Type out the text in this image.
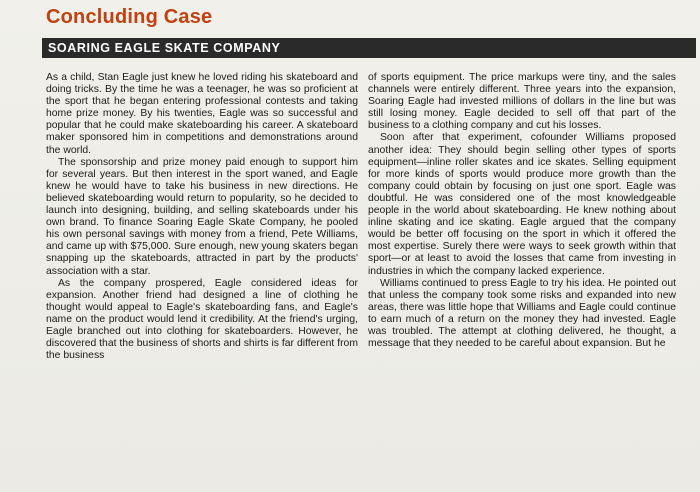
Concluding Case
SOARING EAGLE SKATE COMPANY

As a child, Stan Eagle just knew he loved riding his skateboard and doing tricks. By the time he was a teenager, he was so proficient at the sport that he began entering professional contests and taking home prize money. By his twenties, Eagle was so successful and popular that he could make skateboarding his career. A skateboard maker sponsored him in competitions and demonstrations around the world.

The sponsorship and prize money paid enough to support him for several years. But then interest in the sport waned, and Eagle knew he would have to take his business in new directions. He believed skateboarding would return to popularity, so he decided to launch into designing, building, and selling skateboards under his own brand. To finance Soaring Eagle Skate Company, he pooled his own personal savings with money from a friend, Pete Williams, and came up with $75,000. Sure enough, new young skaters began snapping up the skateboards, attracted in part by the products' association with a star.

As the company prospered, Eagle considered ideas for expansion. Another friend had designed a line of clothing he thought would appeal to Eagle's skateboarding fans, and Eagle's name on the product would lend it credibility. At the friend's urging, Eagle branched out into clothing for skateboarders. However, he discovered that the business of shorts and shirts is far different from the business

of sports equipment. The price markups were tiny, and the sales channels were entirely different. Three years into the expansion, Soaring Eagle had invested millions of dollars in the line but was still losing money. Eagle decided to sell off that part of the business to a clothing company and cut his losses.

Soon after that experiment, cofounder Williams proposed another idea: They should begin selling other types of sports equipment—inline roller skates and ice skates. Selling equipment for more kinds of sports would produce more growth than the company could obtain by focusing on just one sport. Eagle was doubtful. He was considered one of the most knowledgeable people in the world about skateboarding. He knew nothing about inline skating and ice skating. Eagle argued that the company would be better off focusing on the sport in which it offered the most expertise. Surely there were ways to seek growth within that sport—or at least to avoid the losses that came from investing in industries in which the company lacked experience.

Williams continued to press Eagle to try his idea. He pointed out that unless the company took some risks and expanded into new areas, there was little hope that Williams and Eagle could continue to earn much of a return on the money they had invested. Eagle was troubled. The attempt at clothing delivered, he thought, a message that they needed to be careful about expansion. But he
